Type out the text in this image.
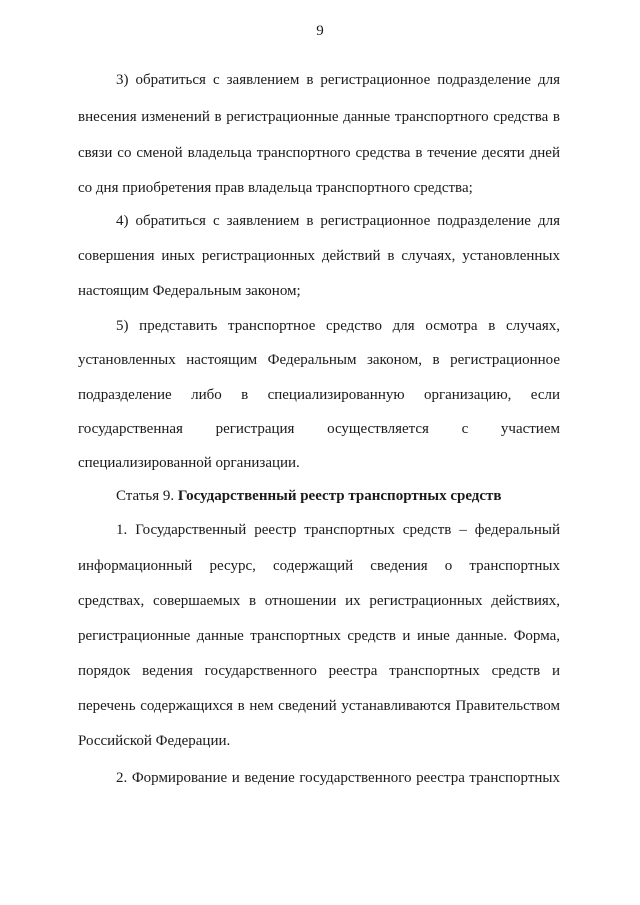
9
3) обратиться с заявлением в регистрационное подразделение для
внесения изменений в регистрационные данные транспортного средства в
связи со сменой владельца транспортного средства в течение десяти дней
со дня приобретения прав владельца транспортного средства;
4) обратиться с заявлением в регистрационное подразделение для
совершения иных регистрационных действий в случаях, установленных
настоящим Федеральным законом;
5) представить транспортное средство для осмотра в случаях,
установленных настоящим Федеральным законом, в регистрационное
подразделение либо в специализированную организацию, если
государственная регистрация осуществляется с участием
специализированной организации.
Статья 9. Государственный реестр транспортных средств
1. Государственный реестр транспортных средств – федеральный
информационный ресурс, содержащий сведения о транспортных
средствах, совершаемых в отношении их регистрационных действиях,
регистрационные данные транспортных средств и иные данные. Форма,
порядок ведения государственного реестра транспортных средств и
перечень содержащихся в нем сведений устанавливаются Правительством
Российской Федерации.
2. Формирование и ведение государственного реестра транспортных
